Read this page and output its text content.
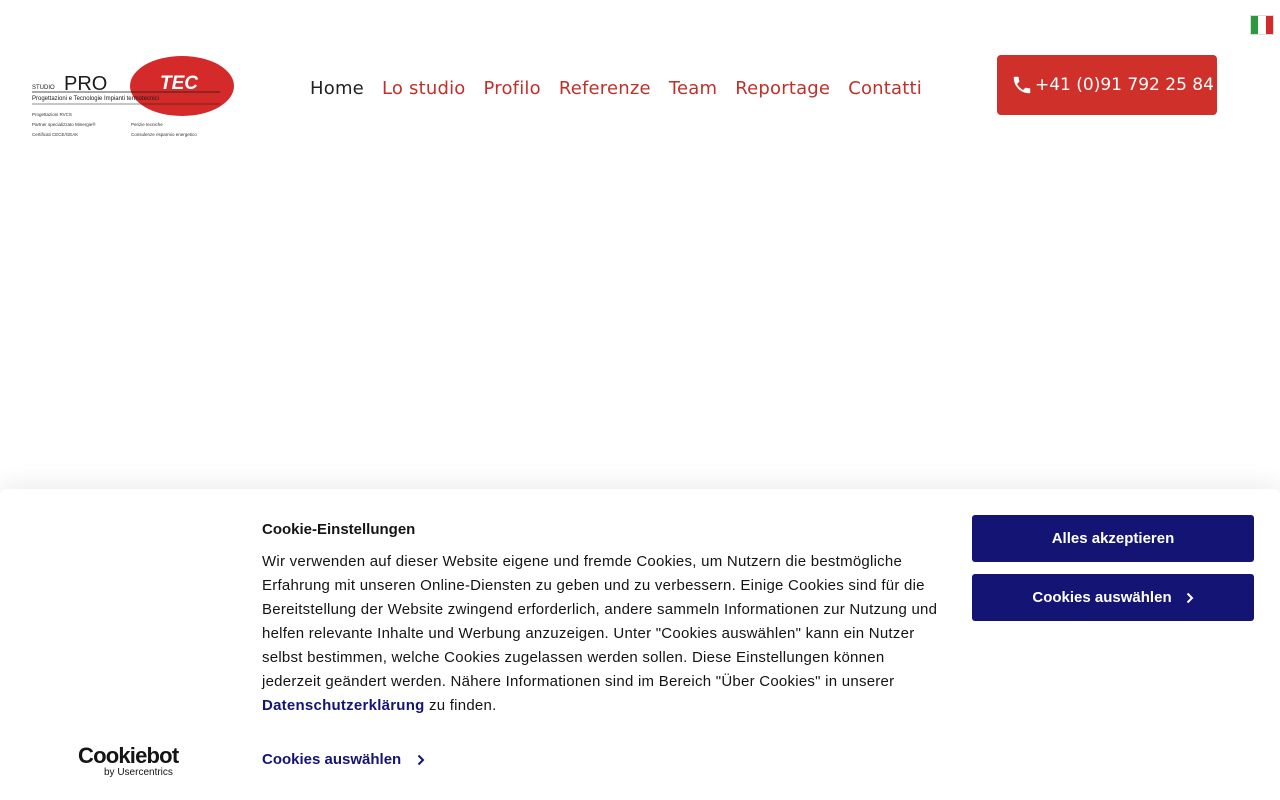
STUDIO PRO	TEC
Progettazioni e Tecnologie Impianti termotecnici
Progettazioni RVCS
Partner specializzato Minergie®
Certificati CECE/GEAK
Perizie tecniche
Consulenze risparmio energetico
Home Lo studio Profilo Referenze Team Reportage Contatti	+41 (0)91 792 25 84
Cookie-Einstellungen
Wir verwenden auf dieser Website eigene und fremde Cookies, um Nutzern die bestmögliche Erfahrung mit unseren Online-Diensten zu geben und zu verbessern. Einige Cookies sind für die Bereitstellung der Website zwingend erforderlich, andere sammeln Informationen zur Nutzung und helfen relevante Inhalte und Werbung anzuzeigen. Unter "Cookies auswählen" kann ein Nutzer selbst bestimmen, welche Cookies zugelassen werden sollen. Diese Einstellungen können jederzeit geändert werden. Nähere Informationen sind im Bereich "Über Cookies" in unserer Datenschutzerklärung zu finden.
Alles akzeptieren
Cookies auswählen
Cookiebot
by Usercentrics
Cookies auswählen
